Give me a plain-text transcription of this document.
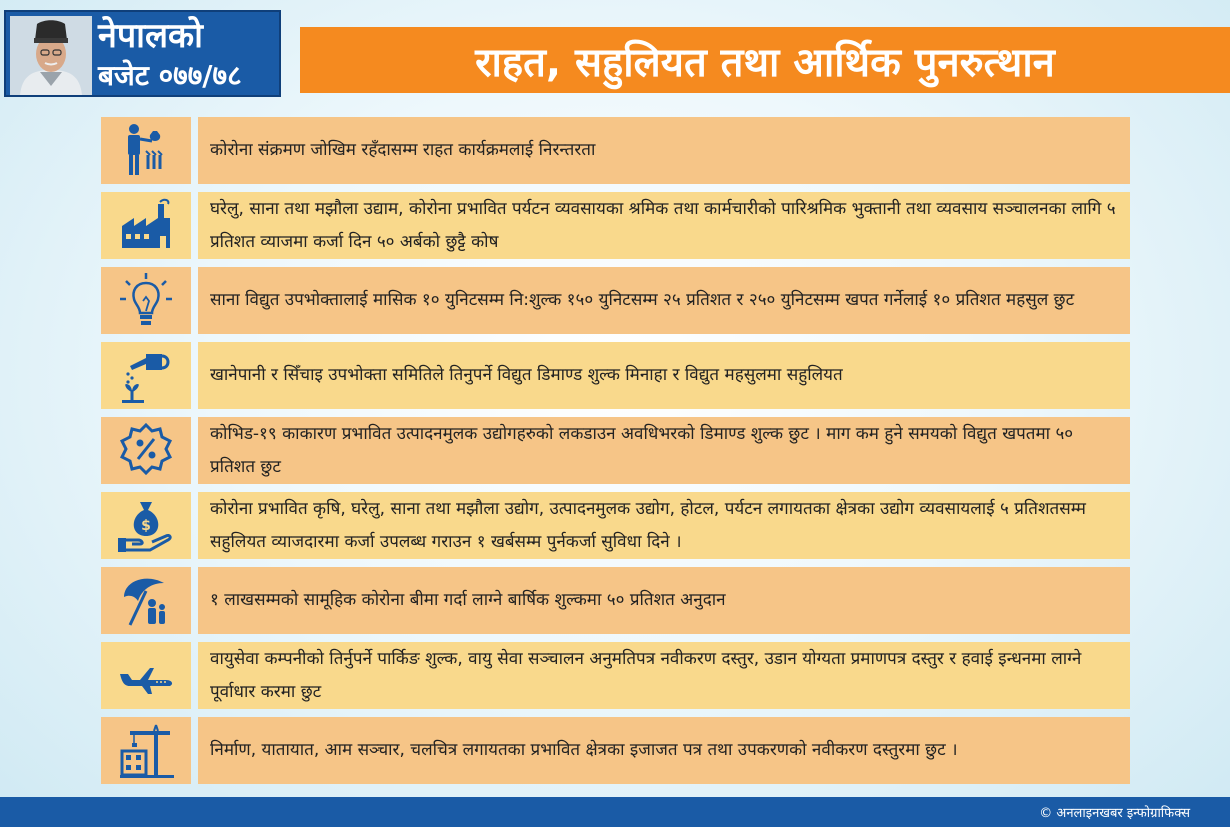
नेपालको
बजेट ०७७/७८	राहत, सहुलियत तथा आर्थिक पुनरुत्थान
कोरोना संक्रमण जोखिम रहँदासम्म राहत कार्यक्रमलाई निरन्तरता
घरेलु, साना तथा मझौला उद्याम, कोरोना प्रभावित पर्यटन व्यवसायका श्रमिक तथा कार्मचारीको पारिश्रमिक भुक्तानी तथा व्यवसाय सञ्चालनका लागि ५ प्रतिशत व्याजमा कर्जा दिन ५० अर्बको छुट्टै कोष
साना विद्युत उपभोक्तालाई मासिक १० युनिटसम्म नि:शुल्क १५० युनिटसम्म २५ प्रतिशत र २५० युनिटसम्म खपत गर्नेलाई १० प्रतिशत महसुल छुट
खानेपानी र सिँचाइ उपभोक्ता समितिले तिनुपर्ने विद्युत डिमाण्ड शुल्क मिनाहा र विद्युत महसुलमा सहुलियत
कोभिड-१९ काकारण प्रभावित उत्पादनमुलक उद्योगहरुको लकडाउन अवधिभरको डिमाण्ड शुल्क छुट । माग कम हुने समयको विद्युत खपतमा ५० प्रतिशत छुट
$
कोरोना प्रभावित कृषि, घरेलु, साना तथा मझौला उद्योग, उत्पादनमुलक उद्योग, होटल, पर्यटन लगायतका क्षेत्रका उद्योग व्यवसायलाई ५ प्रतिशतसम्म सहुलियत व्याजदारमा कर्जा उपलब्ध गराउन १ खर्बसम्म पुर्नकर्जा सुविधा दिने ।
१ लाखसम्मको सामूहिक कोरोना बीमा गर्दा लाग्ने बार्षिक शुल्कमा ५० प्रतिशत अनुदान
वायुसेवा कम्पनीको तिर्नुपर्ने पार्किङ शुल्क, वायु सेवा सञ्चालन अनुमतिपत्र नवीकरण दस्तुर, उडान योग्यता प्रमाणपत्र दस्तुर र हवाई इन्धनमा लाग्ने पूर्वाधार करमा छुट
निर्माण, यातायात, आम सञ्चार, चलचित्र लगायतका प्रभावित क्षेत्रका इजाजत पत्र तथा उपकरणको नवीकरण दस्तुरमा छुट ।
© अनलाइनखबर इन्फोग्राफिक्स
